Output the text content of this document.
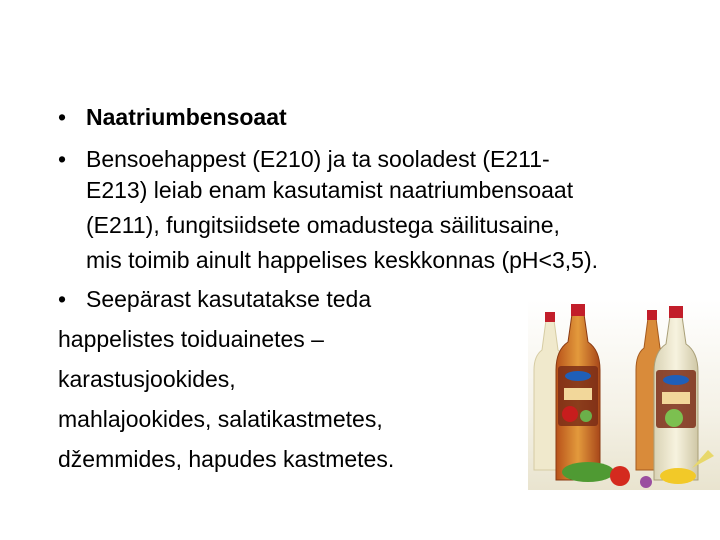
• Naatriumbensoaat
• Bensoehappest (E210) ja ta sooladest (E211-
E213) leiab enam kasutamist naatriumbensoaat
(E211), fungitsiidsete omadustega säilitusaine,
mis toimib ainult happelises keskkonnas (pH<3,5).
• Seepärast kasutatakse teda
happelistes toiduainetes –
karastusjookides,
mahlajookides, salatikastmetes,
džemmides, hapudes kastmetes.
